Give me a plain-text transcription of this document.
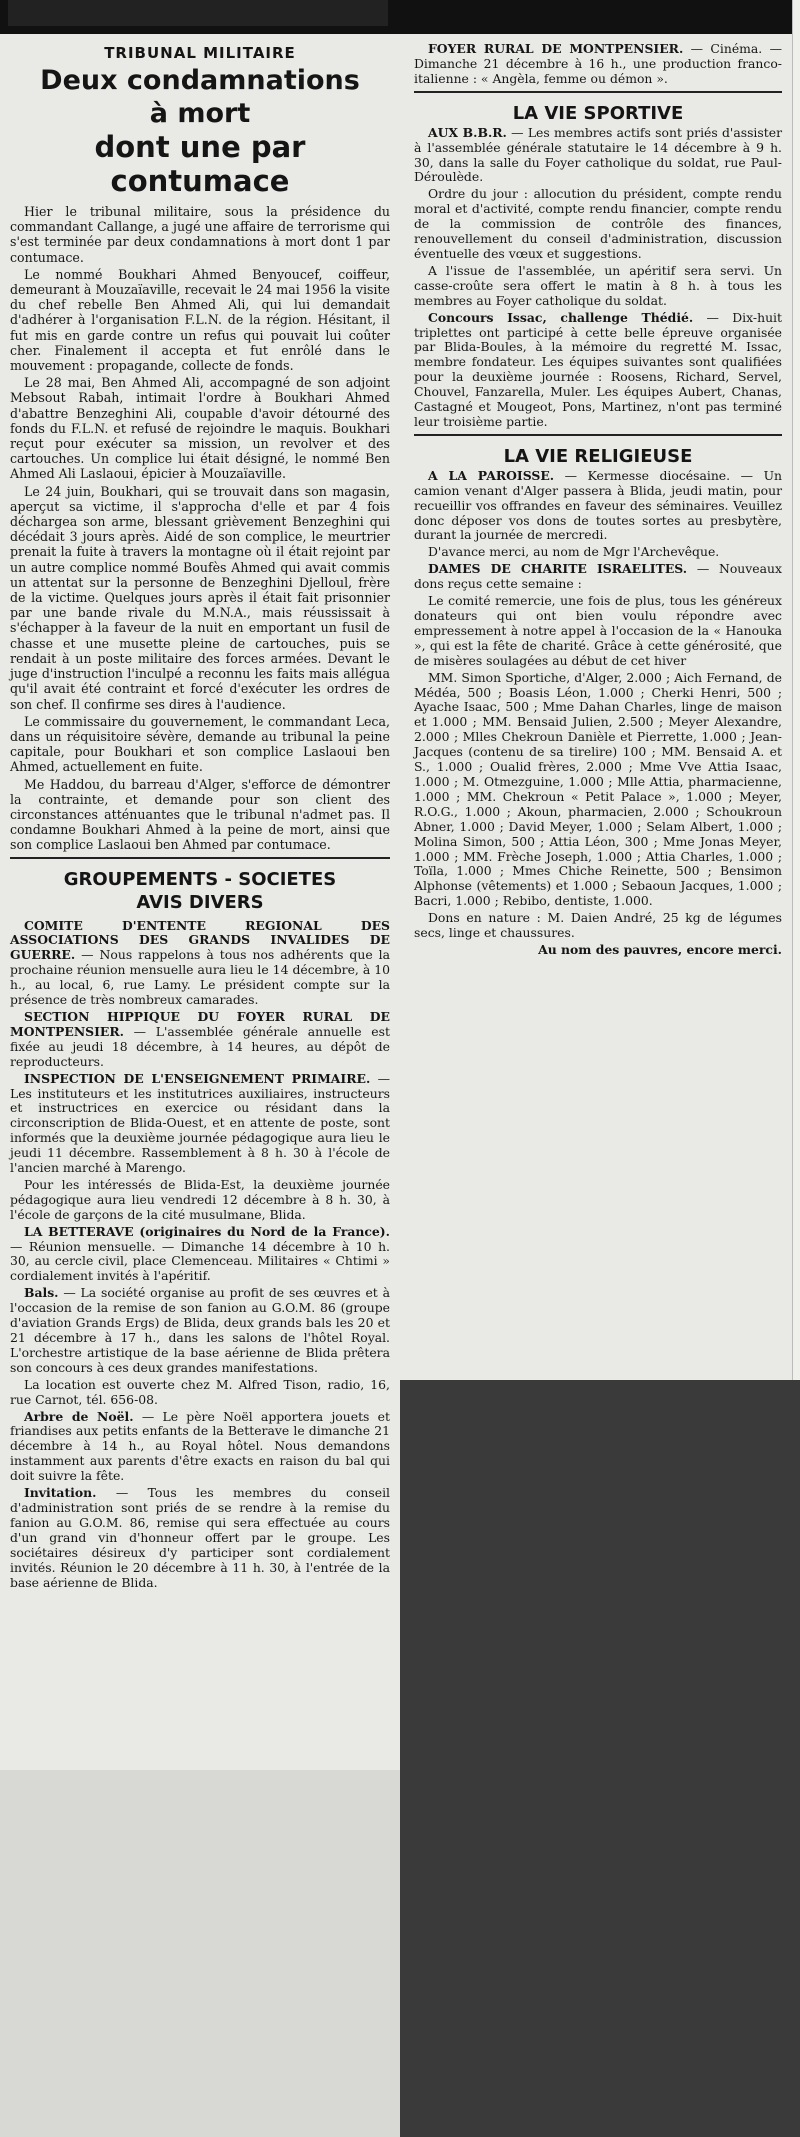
TRIBUNAL MILITAIRE
Deux condamnations
à mort
dont une par contumace

Hier le tribunal militaire, sous la présidence du commandant Callange, a jugé une affaire de terrorisme qui s'est terminée par deux condamnations à mort dont 1 par contumace.

Le nommé Boukhari Ahmed Benyoucef, coiffeur, demeurant à Mouzaïaville, recevait le 24 mai 1956 la visite du chef rebelle Ben Ahmed Ali, qui lui demandait d'adhérer à l'organisation F.L.N. de la région. Hésitant, il fut mis en garde contre un refus qui pouvait lui coûter cher. Finalement il accepta et fut enrôlé dans le mouvement : propagande, collecte de fonds.

Le 28 mai, Ben Ahmed Ali, accompagné de son adjoint Mebsout Rabah, intimait l'ordre à Boukhari Ahmed d'abattre Benzeghini Ali, coupable d'avoir détourné des fonds du F.L.N. et refusé de rejoindre le maquis. Boukhari reçut pour exécuter sa mission, un revolver et des cartouches. Un complice lui était désigné, le nommé Ben Ahmed Ali Laslaoui, épicier à Mouzaïaville.

Le 24 juin, Boukhari, qui se trouvait dans son magasin, aperçut sa victime, il s'approcha d'elle et par 4 fois déchargea son arme, blessant grièvement Benzeghini qui décédait 3 jours après. Aidé de son complice, le meurtrier prenait la fuite à travers la montagne où il était rejoint par un autre complice nommé Boufès Ahmed qui avait commis un attentat sur la personne de Benzeghini Djelloul, frère de la victime. Quelques jours après il était fait prisonnier par une bande rivale du M.N.A., mais réussissait à s'échapper à la faveur de la nuit en emportant un fusil de chasse et une musette pleine de cartouches, puis se rendait à un poste militaire des forces armées. Devant le juge d'instruction l'inculpé a reconnu les faits mais allégua qu'il avait été contraint et forcé d'exécuter les ordres de son chef. Il confirme ses dires à l'audience.

Le commissaire du gouvernement, le commandant Leca, dans un réquisitoire sévère, demande au tribunal la peine capitale, pour Boukhari et son complice Laslaoui ben Ahmed, actuellement en fuite.

Me Haddou, du barreau d'Alger, s'efforce de démontrer la contrainte, et demande pour son client des circonstances atténuantes que le tribunal n'admet pas. Il condamne Boukhari Ahmed à la peine de mort, ainsi que son complice Laslaoui ben Ahmed par contumace.

GROUPEMENTS - SOCIETES
AVIS DIVERS

COMITE D'ENTENTE REGIONAL DES ASSOCIATIONS DES GRANDS INVALIDES DE GUERRE. — Nous rappelons à tous nos adhérents que la prochaine réunion mensuelle aura lieu le 14 décembre, à 10 h., au local, 6, rue Lamy. Le président compte sur la présence de très nombreux camarades.

SECTION HIPPIQUE DU FOYER RURAL DE MONTPENSIER. — L'assemblée générale annuelle est fixée au jeudi 18 décembre, à 14 heures, au dépôt de reproducteurs.

INSPECTION DE L'ENSEIGNEMENT PRIMAIRE. — Les instituteurs et les institutrices auxiliaires, instructeurs et instructrices en exercice ou résidant dans la circonscription de Blida-Ouest, et en attente de poste, sont informés que la deuxième journée pédagogique aura lieu le jeudi 11 décembre. Rassemblement à 8 h. 30 à l'école de l'ancien marché à Marengo.

Pour les intéressés de Blida-Est, la deuxième journée pédagogique aura lieu vendredi 12 décembre à 8 h. 30, à l'école de garçons de la cité musulmane, Blida.

LA BETTERAVE (originaires du Nord de la France). — Réunion mensuelle. — Dimanche 14 décembre à 10 h. 30, au cercle civil, place Clemenceau. Militaires « Chtimi » cordialement invités à l'apéritif.

Bals. — La société organise au profit de ses œuvres et à l'occasion de la remise de son fanion au G.O.M. 86 (groupe d'aviation Grands Ergs) de Blida, deux grands bals les 20 et 21 décembre à 17 h., dans les salons de l'hôtel Royal. L'orchestre artistique de la base aérienne de Blida prêtera son concours à ces deux grandes manifestations.

La location est ouverte chez M. Alfred Tison, radio, 16, rue Carnot, tél. 656-08.

Arbre de Noël. — Le père Noël apportera jouets et friandises aux petits enfants de la Betterave le dimanche 21 décembre à 14 h., au Royal hôtel. Nous demandons instamment aux parents d'être exacts en raison du bal qui doit suivre la fête.

Invitation. — Tous les membres du conseil d'administration sont priés de se rendre à la remise du fanion au G.O.M. 86, remise qui sera effectuée au cours d'un grand vin d'honneur offert par le groupe. Les sociétaires désireux d'y participer sont cordialement invités. Réunion le 20 décembre à 11 h. 30, à l'entrée de la base aérienne de Blida.

FOYER RURAL DE MONTPENSIER. — Cinéma. — Dimanche 21 décembre à 16 h., une production franco-italienne : « Angèla, femme ou démon ».

LA VIE SPORTIVE

AUX B.B.R. — Les membres actifs sont priés d'assister à l'assemblée générale statutaire le 14 décembre à 9 h. 30, dans la salle du Foyer catholique du soldat, rue Paul-Déroulède.

Ordre du jour : allocution du président, compte rendu moral et d'activité, compte rendu financier, compte rendu de la commission de contrôle des finances, renouvellement du conseil d'administration, discussion éventuelle des vœux et suggestions.

A l'issue de l'assemblée, un apéritif sera servi. Un casse-croûte sera offert le matin à 8 h. à tous les membres au Foyer catholique du soldat.

Concours Issac, challenge Thédié. — Dix-huit triplettes ont participé à cette belle épreuve organisée par Blida-Boules, à la mémoire du regretté M. Issac, membre fondateur. Les équipes suivantes sont qualifiées pour la deuxième journée : Roosens, Richard, Servel, Chouvel, Fanzarella, Muler. Les équipes Aubert, Chanas, Castagné et Mougeot, Pons, Martinez, n'ont pas terminé leur troisième partie.

LA VIE RELIGIEUSE

A LA PAROISSE. — Kermesse diocésaine. — Un camion venant d'Alger passera à Blida, jeudi matin, pour recueillir vos offrandes en faveur des séminaires. Veuillez donc déposer vos dons de toutes sortes au presbytère, durant la journée de mercredi.

D'avance merci, au nom de Mgr l'Archevêque.

DAMES DE CHARITE ISRAELITES. — Nouveaux dons reçus cette semaine :

Le comité remercie, une fois de plus, tous les généreux donateurs qui ont bien voulu répondre avec empressement à notre appel à l'occasion de la « Hanouka », qui est la fête de charité. Grâce à cette générosité, que de misères soulagées au début de cet hiver

MM. Simon Sportiche, d'Alger, 2.000 ; Aich Fernand, de Médéa, 500 ; Boasis Léon, 1.000 ; Cherki Henri, 500 ; Ayache Isaac, 500 ; Mme Dahan Charles, linge de maison et 1.000 ; MM. Bensaid Julien, 2.500 ; Meyer Alexandre, 2.000 ; Mlles Chekroun Danièle et Pierrette, 1.000 ; Jean-Jacques (contenu de sa tirelire) 100 ; MM. Bensaid A. et S., 1.000 ; Oualid frères, 2.000 ; Mme Vve Attia Isaac, 1.000 ; M. Otmezguine, 1.000 ; Mlle Attia, pharmacienne, 1.000 ; MM. Chekroun « Petit Palace », 1.000 ; Meyer, R.O.G., 1.000 ; Akoun, pharmacien, 2.000 ; Schoukroun Abner, 1.000 ; David Meyer, 1.000 ; Selam Albert, 1.000 ; Molina Simon, 500 ; Attia Léon, 300 ; Mme Jonas Meyer, 1.000 ; MM. Frèche Joseph, 1.000 ; Attia Charles, 1.000 ; Toïla, 1.000 ; Mmes Chiche Reinette, 500 ; Bensimon Alphonse (vêtements) et 1.000 ; Sebaoun Jacques, 1.000 ; Bacri, 1.000 ; Rebibo, dentiste, 1.000.

Dons en nature : M. Daien André, 25 kg de légumes secs, linge et chaussures.

Au nom des pauvres, encore merci.
